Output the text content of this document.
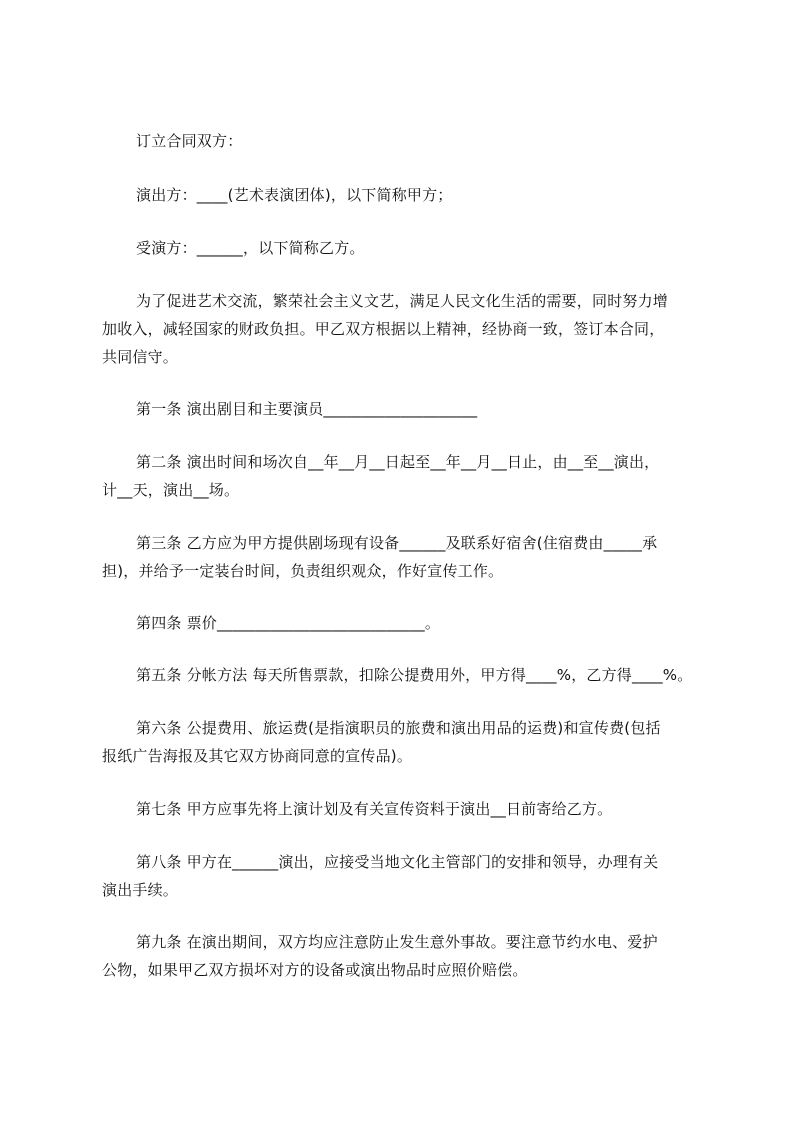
订立合同双方：
演出方：____(艺术表演团体)，以下简称甲方；
受演方：______，以下简称乙方。
为了促进艺术交流，繁荣社会主义文艺，满足人民文化生活的需要，同时努力增
加收入，减轻国家的财政负担。甲乙双方根据以上精神，经协商一致，签订本合同，
共同信守。
第一条 演出剧目和主要演员____________________
第二条 演出时间和场次自__年__月__日起至__年__月__日止，由__至__演出，
计__天，演出__场。
第三条 乙方应为甲方提供剧场现有设备______及联系好宿舍(住宿费由_____承
担)，并给予一定装台时间，负责组织观众，作好宣传工作。
第四条 票价___________________________。
第五条 分帐方法 每天所售票款，扣除公提费用外，甲方得____%，乙方得____%。
第六条 公提费用、旅运费(是指演职员的旅费和演出用品的运费)和宣传费(包括
报纸广告海报及其它双方协商同意的宣传品)。
第七条 甲方应事先将上演计划及有关宣传资料于演出__日前寄给乙方。
第八条 甲方在______演出，应接受当地文化主管部门的安排和领导，办理有关
演出手续。
第九条 在演出期间，双方均应注意防止发生意外事故。要注意节约水电、爱护
公物，如果甲乙双方损坏对方的设备或演出物品时应照价赔偿。
